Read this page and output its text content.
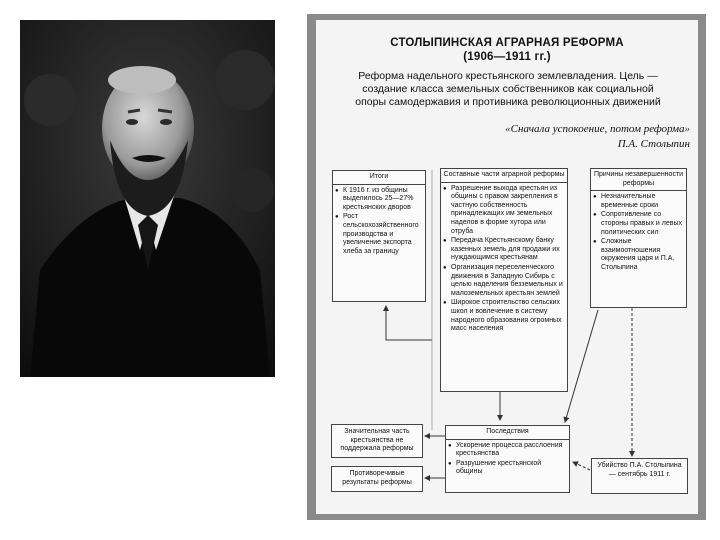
СТОЛЫПИНСКАЯ АГРАРНАЯ РЕФОРМА
(1906—1911 гг.)
Реформа надельного крестьянского землевладения. Цель —
создание класса земельных собственников как социальной
опоры самодержавия и противника революционных движений
«Сначала успокоение, потом реформа»
П.А. Столыпин
Итоги
● К 1916 г. из общины выделилось 25—27% крестьянских дворов
● Рост сельскохозяйственного производства и увеличение экспорта хлеба за границу
Составные части аграрной реформы
● Разрешение выхода крестьян из общины с правом закрепления в частную собственность принадлежащих им земельных наделов в форме хутора или отруба
● Передача Крестьянскому банку казенных земель для продажи их нуждающимся крестьянам
● Организация переселенческого движения в Западную Сибирь с целью наделения безземельных и малоземельных крестьян землей
● Широкое строительство сельских школ и вовлечение в систему народного образования огромных масс населения
Причины незавершенности реформы
● Незначительные временные сроки
● Сопротивление со стороны правых и левых политических сил
● Сложные взаимоотношения окружения царя и П.А. Столыпина
Значительная часть крестьянства не поддержала реформы
Противоречивые результаты реформы
Последствия
● Ускорение процесса расслоения крестьянства
● Разрушение крестьянской общины
Убийство П.А. Столыпина — сентябрь 1911 г.
